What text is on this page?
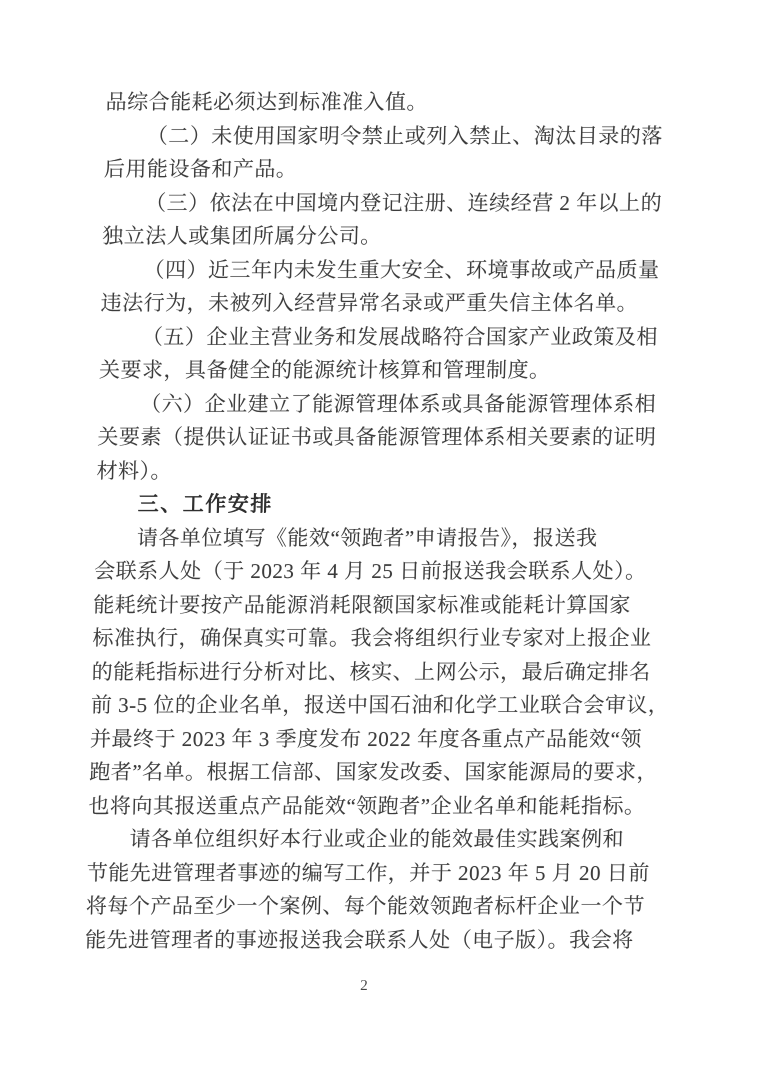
品综合能耗必须达到标准准入值。

（二）未使用国家明令禁止或列入禁止、淘汰目录的落
后用能设备和产品。

（三）依法在中国境内登记注册、连续经营 2 年以上的
独立法人或集团所属分公司。

（四）近三年内未发生重大安全、环境事故或产品质量
违法行为，未被列入经营异常名录或严重失信主体名单。

（五）企业主营业务和发展战略符合国家产业政策及相
关要求，具备健全的能源统计核算和管理制度。

（六）企业建立了能源管理体系或具备能源管理体系相
关要素（提供认证证书或具备能源管理体系相关要素的证明
材料）。

三、工作安排

请各单位填写《能效“领跑者”申请报告》，报送我
会联系人处（于 2023 年 4 月 25 日前报送我会联系人处）。
能耗统计要按产品能源消耗限额国家标准或能耗计算国家
标准执行，确保真实可靠。我会将组织行业专家对上报企业
的能耗指标进行分析对比、核实、上网公示，最后确定排名
前 3-5 位的企业名单，报送中国石油和化学工业联合会审议，
并最终于 2023 年 3 季度发布 2022 年度各重点产品能效“领
跑者”名单。根据工信部、国家发改委、国家能源局的要求，
也将向其报送重点产品能效“领跑者”企业名单和能耗指标。

请各单位组织好本行业或企业的能效最佳实践案例和
节能先进管理者事迹的编写工作，并于 2023 年 5 月 20 日前
将每个产品至少一个案例、每个能效领跑者标杆企业一个节
能先进管理者的事迹报送我会联系人处（电子版）。我会将

2
